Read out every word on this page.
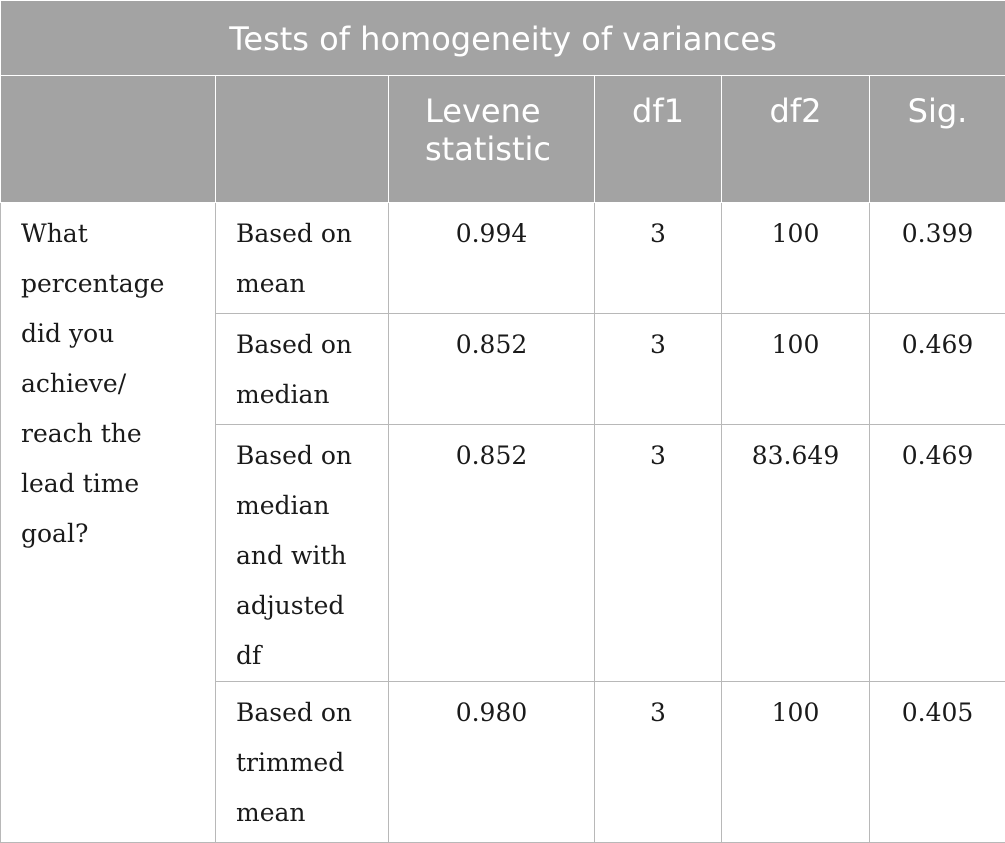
Tests of homogeneity of variances					
		Levene statistic	df1	df2	Sig.
What percentage did you achieve/ reach the lead time goal?	Based on mean	0.994	3	100	0.399
	Based on median	0.852	3	100	0.469
	Based on median and with adjusted df	0.852	3	83.649	0.469
	Based on trimmed mean	0.980	3	100	0.405
